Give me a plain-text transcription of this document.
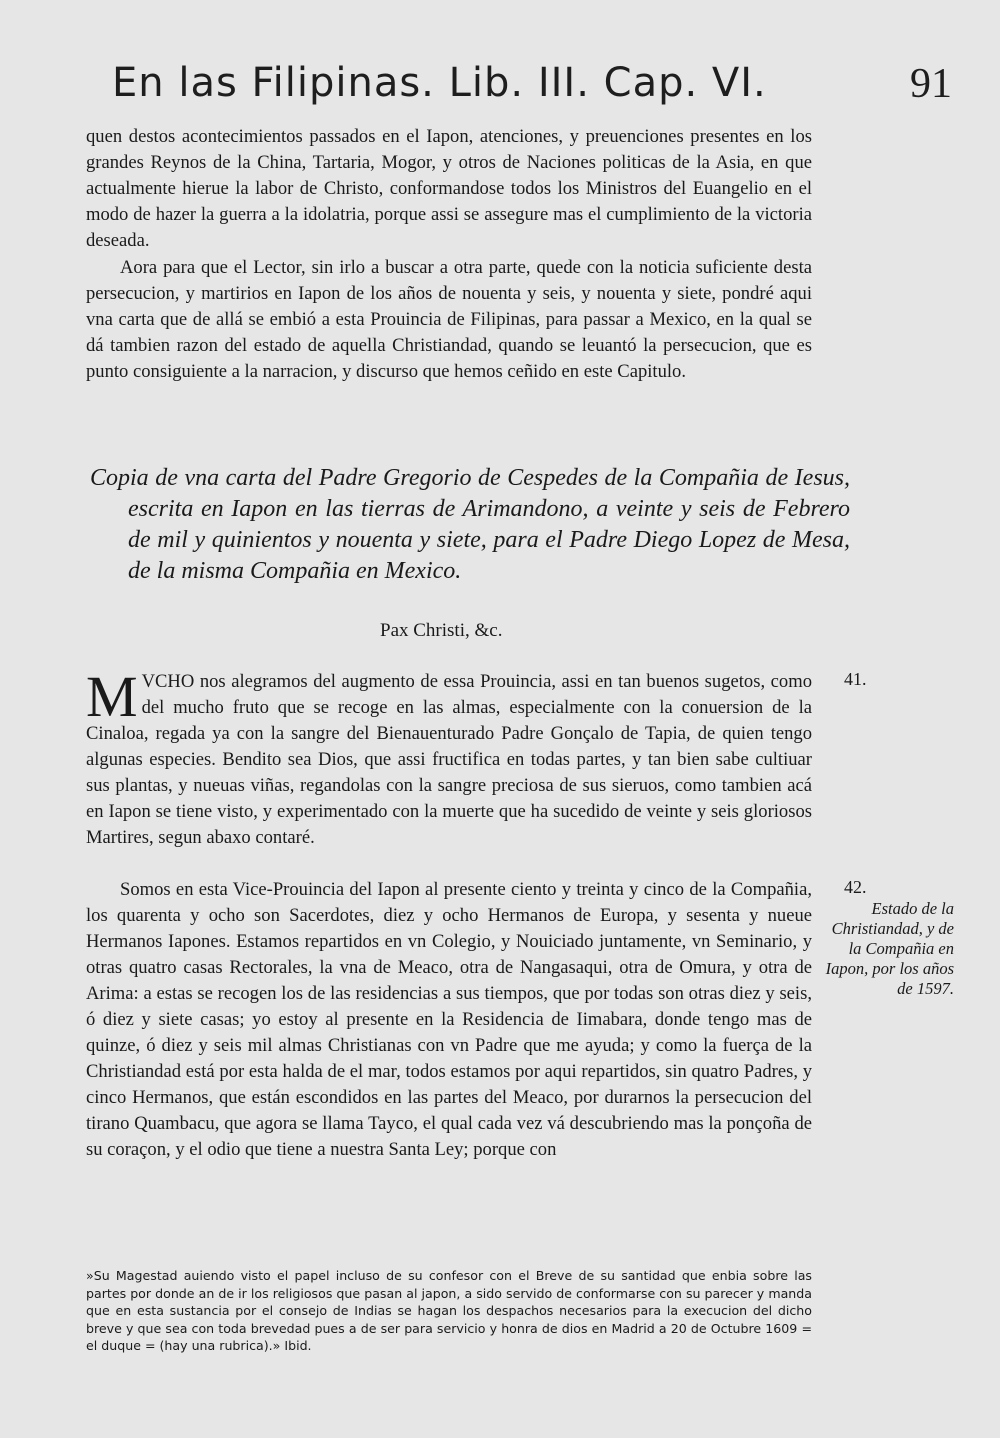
En las Filipinas. Lib. III. Cap. VI.	91

quen destos acontecimientos passados en el Iapon, atenciones, y preuenciones presentes en los grandes Reynos de la China, Tartaria, Mogor, y otros de Naciones politicas de la Asia, en que actualmente hierue la labor de Christo, conformandose todos los Ministros del Euangelio en el modo de hazer la guerra a la idolatria, porque assi se assegure mas el cumplimiento de la victoria deseada.

Aora para que el Lector, sin irlo a buscar a otra parte, quede con la noticia suficiente desta persecucion, y martirios en Iapon de los años de nouenta y seis, y nouenta y siete, pondré aqui vna carta que de allá se embió a esta Prouincia de Filipinas, para passar a Mexico, en la qual se dá tambien razon del estado de aquella Christiandad, quando se leuantó la persecucion, que es punto consiguiente a la narracion, y discurso que hemos ceñido en este Capitulo.

Copia de vna carta del Padre Gregorio de Cespedes de la Compañia de Iesus, escrita en Iapon en las tierras de Arimandono, a veinte y seis de Febrero de mil y quinientos y nouenta y siete, para el Padre Diego Lopez de Mesa, de la misma Compañia en Mexico.

Pax Christi, &c.

MVCHO nos alegramos del augmento de essa Prouincia, assi en tan buenos sugetos, como del mucho fruto que se recoge en las almas, especialmente con la conuersion de la Cinaloa, regada ya con la sangre del Bienauenturado Padre Gonçalo de Tapia, de quien tengo algunas especies. Bendito sea Dios, que assi fructifica en todas partes, y tan bien sabe cultiuar sus plantas, y nueuas viñas, regandolas con la sangre preciosa de sus sieruos, como tambien acá en Iapon se tiene visto, y experimentado con la muerte que ha sucedido de veinte y seis gloriosos Martires, segun abaxo contaré.

Somos en esta Vice-Prouincia del Iapon al presente ciento y treinta y cinco de la Compañia, los quarenta y ocho son Sacerdotes, diez y ocho Hermanos de Europa, y sesenta y nueue Hermanos Iapones. Estamos repartidos en vn Colegio, y Nouiciado juntamente, vn Seminario, y otras quatro casas Rectorales, la vna de Meaco, otra de Nangasaqui, otra de Omura, y otra de Arima: a estas se recogen los de las residencias a sus tiempos, que por todas son otras diez y seis, ó diez y siete casas; yo estoy al presente en la Residencia de Iimabara, donde tengo mas de quinze, ó diez y seis mil almas Christianas con vn Padre que me ayuda; y como la fuerça de la Christiandad está por esta halda de el mar, todos estamos por aqui repartidos, sin quatro Padres, y cinco Hermanos, que están escondidos en las partes del Meaco, por durarnos la persecucion del tirano Quambacu, que agora se llama Tayco, el qual cada vez vá descubriendo mas la ponçoña de su coraçon, y el odio que tiene a nuestra Santa Ley; porque con

41.
42.

Estado de la Christiandad, y de la Compañia en Iapon, por los años de 1597.

»Su Magestad auiendo visto el papel incluso de su confesor con el Breve de su santidad que enbia sobre las partes por donde an de ir los religiosos que pasan al japon, a sido servido de conformarse con su parecer y manda que en esta sustancia por el consejo de Indias se hagan los despachos necesarios para la execucion del dicho breve y que sea con toda brevedad pues a de ser para servicio y honra de dios en Madrid a 20 de Octubre 1609 = el duque = (hay una rubrica).» Ibid.
